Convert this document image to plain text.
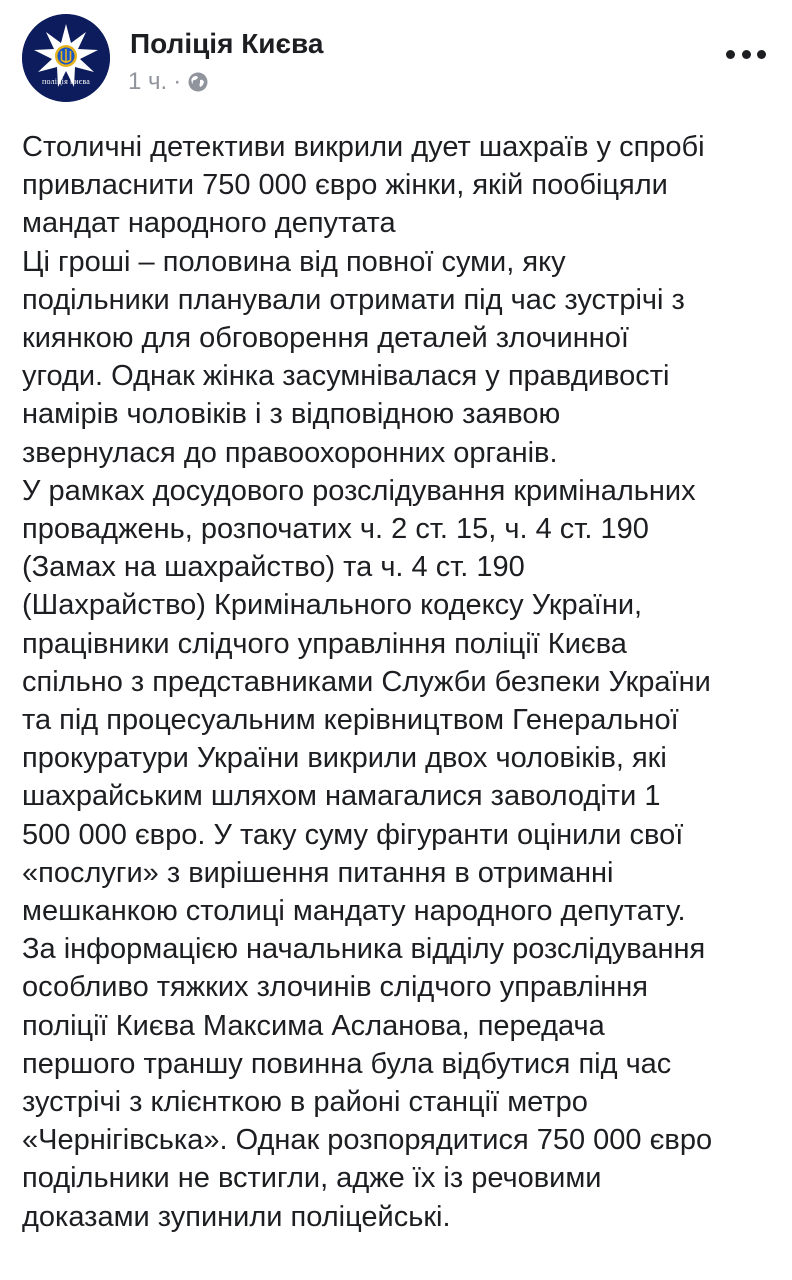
поліція києва
Поліція Києва
1 ч. ·

Столичні детективи викрили дует шахраїв у спробі

привласнити 750 000 євро жінки, якій пообіцяли

мандат народного депутата

Ці гроші – половина від повної суми, яку

подільники планували отримати під час зустрічі з

киянкою для обговорення деталей злочинної

угоди. Однак жінка засумнівалася у правдивості

намірів чоловіків і з відповідною заявою

звернулася до правоохоронних органів.

У рамках досудового розслідування кримінальних

проваджень, розпочатих ч. 2 ст. 15, ч. 4 ст. 190

(Замах на шахрайство) та ч. 4 ст. 190

(Шахрайство) Кримінального кодексу України,

працівники слідчого управління поліції Києва

спільно з представниками Служби безпеки України

та під процесуальним керівництвом Генеральної

прокуратури України викрили двох чоловіків, які

шахрайським шляхом намагалися заволодіти 1

500 000 євро. У таку суму фігуранти оцінили свої

«послуги» з вирішення питання в отриманні

мешканкою столиці мандату народного депутату.

За інформацією начальника відділу розслідування

особливо тяжких злочинів слідчого управління

поліції Києва Максима Асланова, передача

першого траншу повинна була відбутися під час

зустрічі з клієнткою в районі станції метро

«Чернігівська». Однак розпорядитися 750 000 євро

подільники не встигли, адже їх із речовими

доказами зупинили поліцейські.
